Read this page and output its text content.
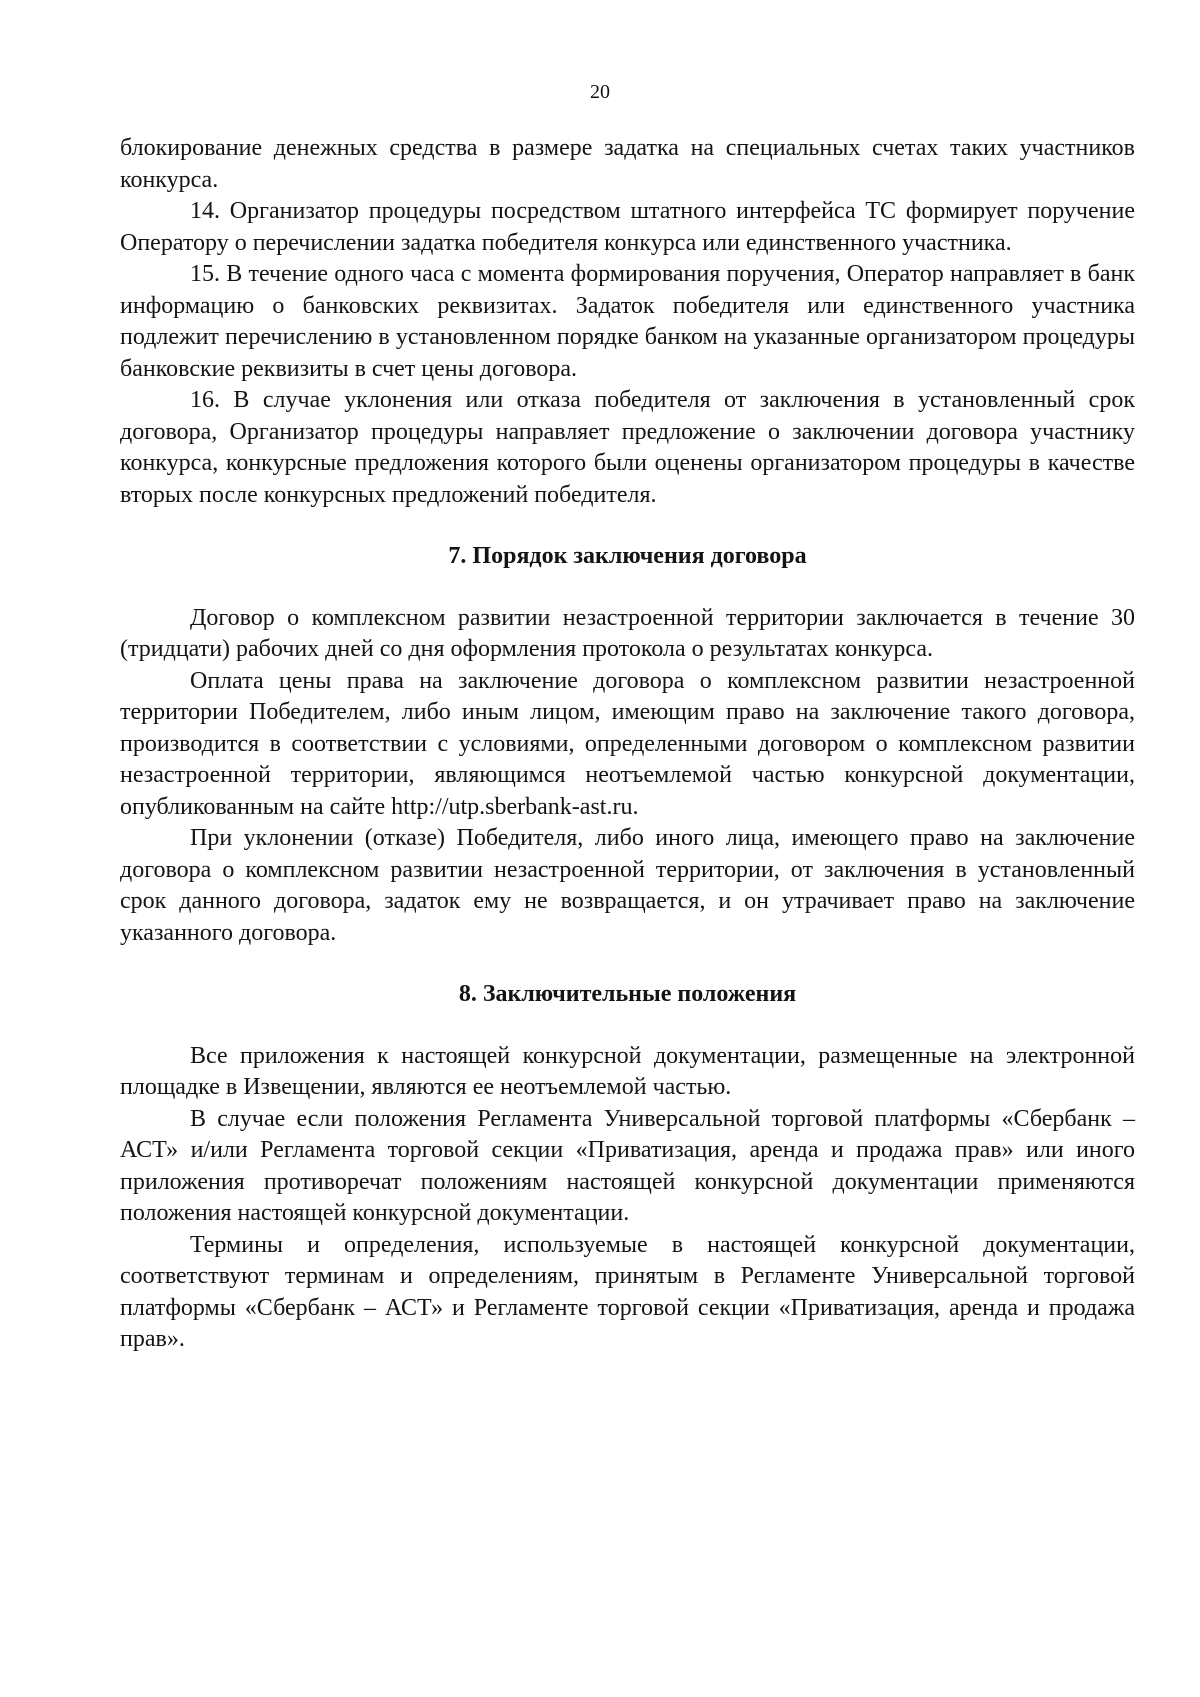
20

блокирование денежных средства в размере задатка на специальных счетах таких участников конкурса.

14. Организатор процедуры посредством штатного интерфейса ТС формирует поручение Оператору о перечислении задатка победителя конкурса или единственного участника.

15. В течение одного часа с момента формирования поручения, Оператор направляет в банк информацию о банковских реквизитах. Задаток победителя или единственного участника подлежит перечислению в установленном порядке банком на указанные организатором процедуры банковские реквизиты в счет цены договора.

16. В случае уклонения или отказа победителя от заключения в установленный срок договора, Организатор процедуры направляет предложение о заключении договора участнику конкурса, конкурсные предложения которого были оценены организатором процедуры в качестве вторых после конкурсных предложений победителя.

7. Порядок заключения договора

Договор о комплексном развитии незастроенной территории заключается в течение 30 (тридцати) рабочих дней со дня оформления протокола о результатах конкурса.

Оплата цены права на заключение договора о комплексном развитии незастроенной территории Победителем, либо иным лицом, имеющим право на заключение такого договора, производится в соответствии с условиями, определенными договором о комплексном развитии незастроенной территории, являющимся неотъемлемой частью конкурсной документации, опубликованным на сайте http://utp.sberbank-ast.ru.

При уклонении (отказе) Победителя, либо иного лица, имеющего право на заключение договора о комплексном развитии незастроенной территории, от заключения в установленный срок данного договора, задаток ему не возвращается, и он утрачивает право на заключение указанного договора.

8. Заключительные положения

Все приложения к настоящей конкурсной документации, размещенные на электронной площадке в Извещении, являются ее неотъемлемой частью.

В случае если положения Регламента Универсальной торговой платформы «Сбербанк – АСТ» и/или Регламента торговой секции «Приватизация, аренда и продажа прав» или иного приложения противоречат положениям настоящей конкурсной документации применяются положения настоящей конкурсной документации.

Термины и определения, используемые в настоящей конкурсной документации, соответствуют терминам и определениям, принятым в Регламенте Универсальной торговой платформы «Сбербанк – АСТ» и Регламенте торговой секции «Приватизация, аренда и продажа прав».
